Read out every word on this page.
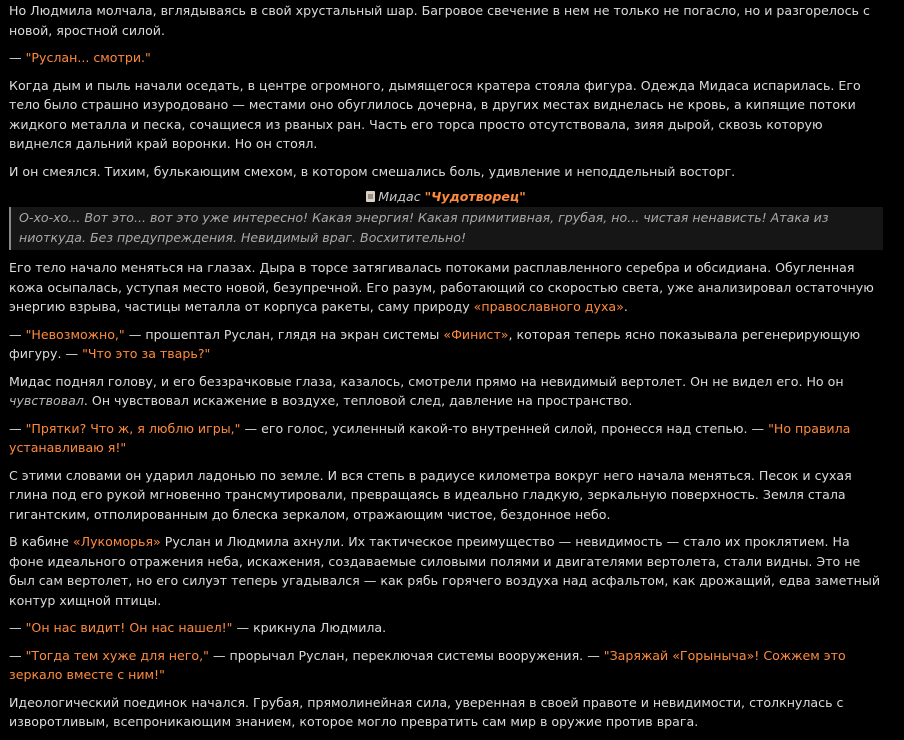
Но Людмила молчала, вглядываясь в свой хрустальный шар. Багровое свечение в нем не только не погасло, но и разгорелось с новой, яростной силой.

— "Руслан... смотри."

Когда дым и пыль начали оседать, в центре огромного, дымящегося кратера стояла фигура. Одежда Мидаса испарилась. Его тело было страшно изуродовано — местами оно обуглилось дочерна, в других местах виднелась не кровь, а кипящие потоки жидкого металла и песка, сочащиеся из рваных ран. Часть его торса просто отсутствовала, зияя дырой, сквозь которую виднелся дальний край воронки. Но он стоял.

И он смеялся. Тихим, булькающим смехом, в котором смешались боль, удивление и неподдельный восторг.

Мидас "Чудотворец"
О-хо-хо... Вот это... вот это уже интересно! Какая энергия! Какая примитивная, грубая, но... чистая ненависть! Атака из ниоткуда. Без предупреждения. Невидимый враг. Восхитительно!

Его тело начало меняться на глазах. Дыра в торсе затягивалась потоками расплавленного серебра и обсидиана. Обугленная кожа осыпалась, уступая место новой, безупречной. Его разум, работающий со скоростью света, уже анализировал остаточную энергию взрыва, частицы металла от корпуса ракеты, саму природу «православного духа».

— "Невозможно," — прошептал Руслан, глядя на экран системы «Финист», которая теперь ясно показывала регенерирующую фигуру. — "Что это за тварь?"

Мидас поднял голову, и его беззрачковые глаза, казалось, смотрели прямо на невидимый вертолет. Он не видел его. Но он чувствовал. Он чувствовал искажение в воздухе, тепловой след, давление на пространство.

— "Прятки? Что ж, я люблю игры," — его голос, усиленный какой-то внутренней силой, пронесся над степью. — "Но правила устанавливаю я!"

С этими словами он ударил ладонью по земле. И вся степь в радиусе километра вокруг него начала меняться. Песок и сухая глина под его рукой мгновенно трансмутировали, превращаясь в идеально гладкую, зеркальную поверхность. Земля стала гигантским, отполированным до блеска зеркалом, отражающим чистое, бездонное небо.

В кабине «Лукоморья» Руслан и Людмила ахнули. Их тактическое преимущество — невидимость — стало их проклятием. На фоне идеального отражения неба, искажения, создаваемые силовыми полями и двигателями вертолета, стали видны. Это не был сам вертолет, но его силуэт теперь угадывался — как рябь горячего воздуха над асфальтом, как дрожащий, едва заметный контур хищной птицы.

— "Он нас видит! Он нас нашел!" — крикнула Людмила.

— "Тогда тем хуже для него," — прорычал Руслан, переключая системы вооружения. — "Заряжай «Горыныча»! Сожжем это зеркало вместе с ним!"

Идеологический поединок начался. Грубая, прямолинейная сила, уверенная в своей правоте и невидимости, столкнулась с изворотливым, всепроникающим знанием, которое могло превратить сам мир в оружие против врага.
